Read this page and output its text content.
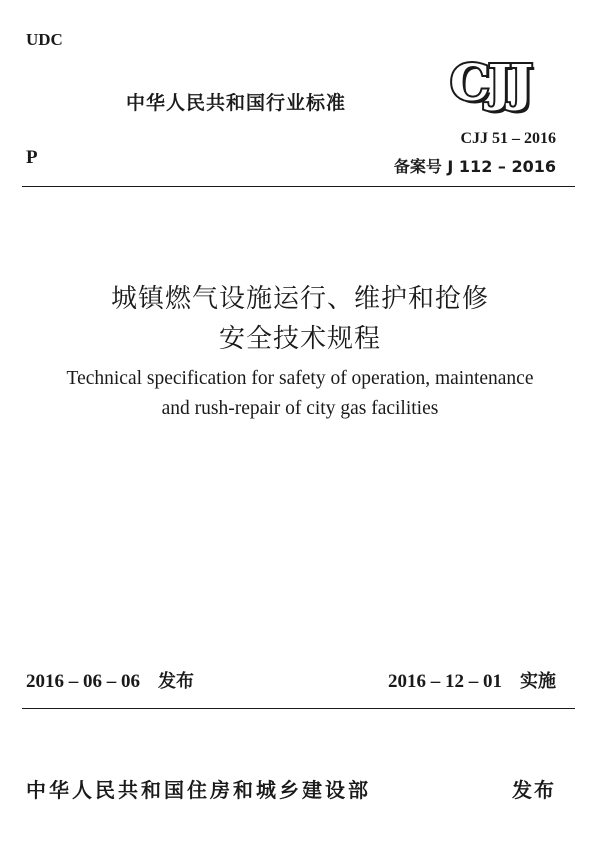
UDC
中华人民共和国行业标准 CJJ
P
CJJ 51 – 2016
备案号 J 112 – 2016
城镇燃气设施运行、维护和抢修
安全技术规程
Technical specification for safety of operation, maintenance
and rush-repair of city gas facilities
2016 – 06 – 06 发布	2016 – 12 – 01 实施
中华人民共和国住房和城乡建设部	发布
